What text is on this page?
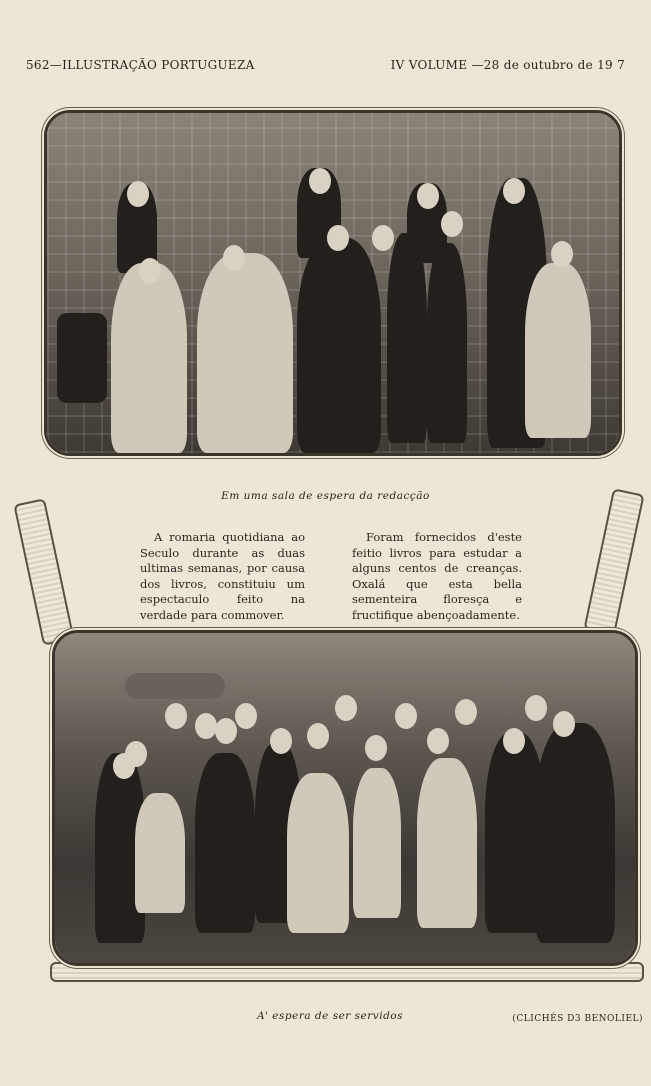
562—ILLUSTRAÇÃO PORTUGUEZA	IV VOLUME —28 de outubro de 19 7
Em uma sala de espera da redacção
A romaria quotidiana ao Seculo durante as duas ultimas semanas, por causa dos livros, constituiu um espectaculo feito na verdade para commover.
Foram fornecidos d'este feitio livros para estudar a alguns centos de creanças. Oxalá que esta bella sementeira floresça e fructifique abençoadamente.
A' espera de ser servidos	(CLICHÉS D3 BENOLIEL)
